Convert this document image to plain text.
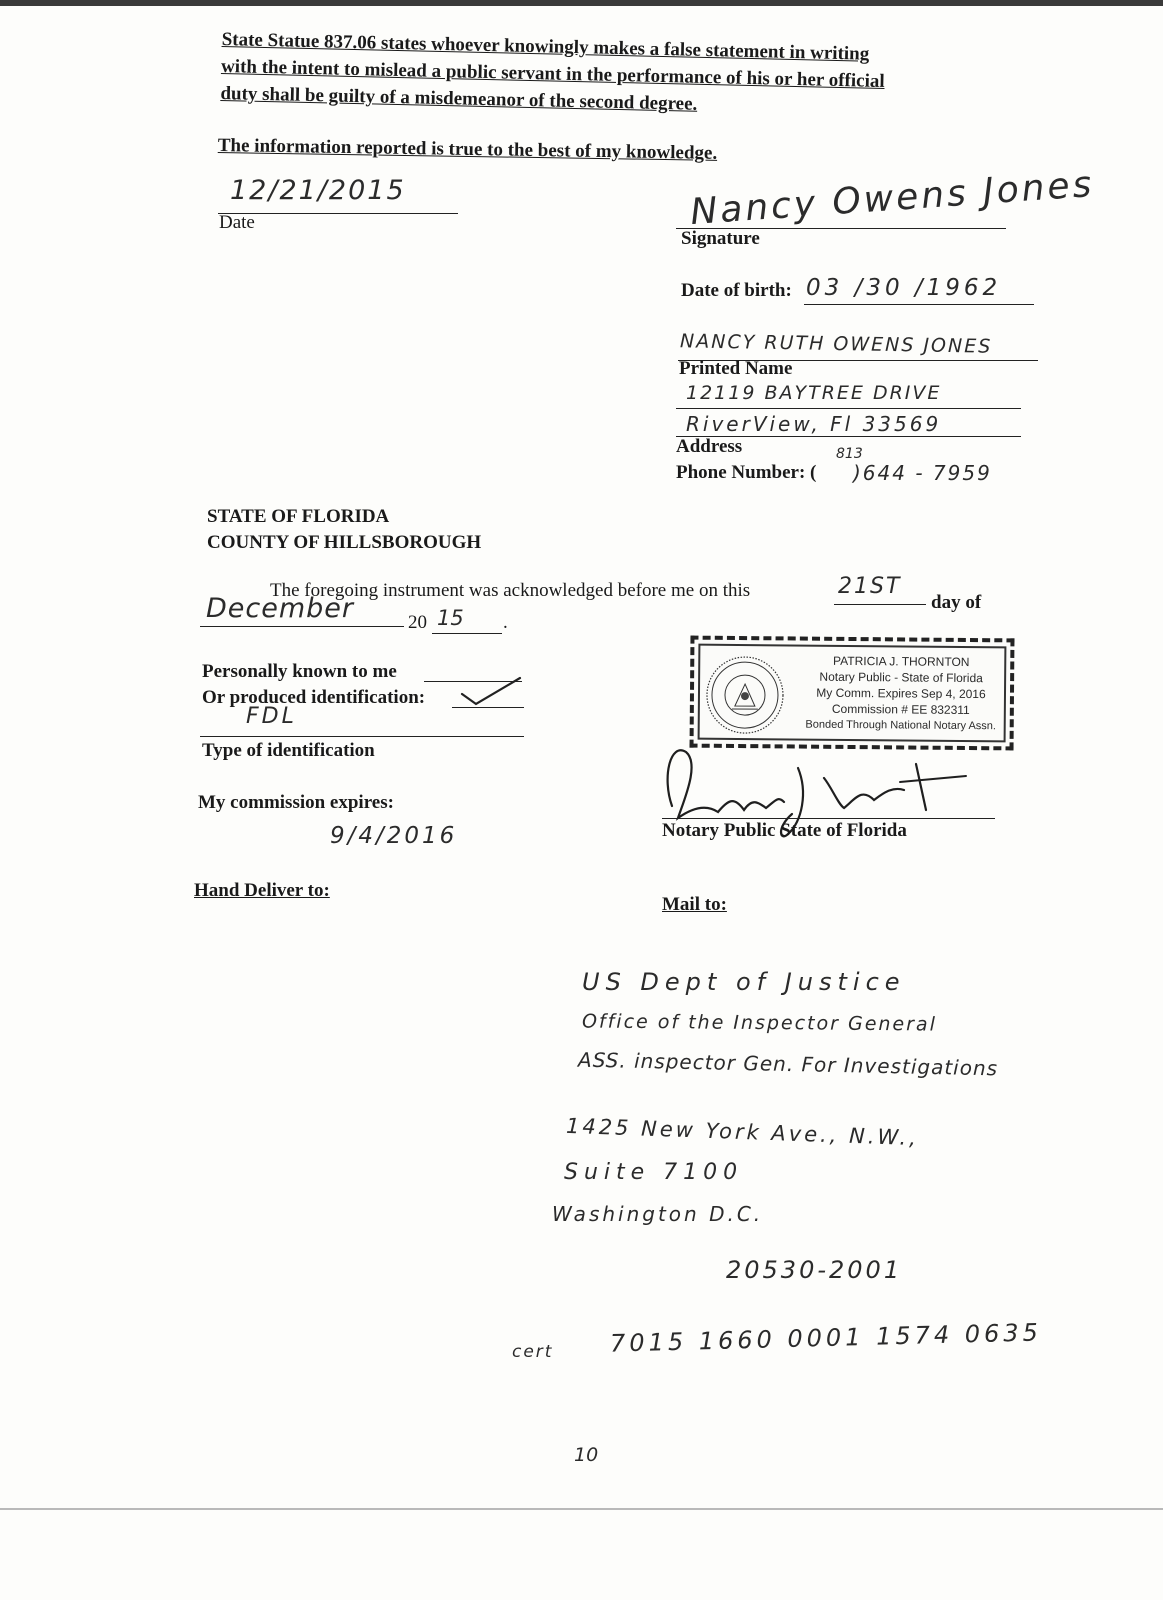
State Statue 837.06 states whoever knowingly makes a false statement in writing
with the intent to mislead a public servant in the performance of his or her official
duty shall be guilty of a misdemeanor of the second degree.
The information reported is true to the best of my knowledge.
12/21/2015
Date	Nancy Owens Jones
Signature
Date of birth: 03 /30 /1962
NANCY RUTH OWENS JONES
Printed Name
12119 BAYTREE DRIVE
RiverView, Fl 33569
Address	813
Phone Number: ( )644 - 7959
STATE OF FLORIDA
COUNTY OF HILLSBOROUGH
The foregoing instrument was acknowledged before me on this	21ST
day of
December	20 15 .
Personally known to me
Or produced identification:
FDL
Type of identification
My commission expires:
9/4/2016
PATRICIA J. THORNTON
Notary Public - State of Florida
My Comm. Expires Sep 4, 2016
Commission # EE 832311
Bonded Through National Notary Assn.
Notary Public State of Florida
Hand Deliver to:
Mail to:
US Dept of Justice
Office of the Inspector General
ASS. inspector Gen. For Investigations
1425 New York Ave., N.W.,
Suite 7100
Washington D.C.
20530-2001
cert 7015 1660 0001 1574 0635
10
